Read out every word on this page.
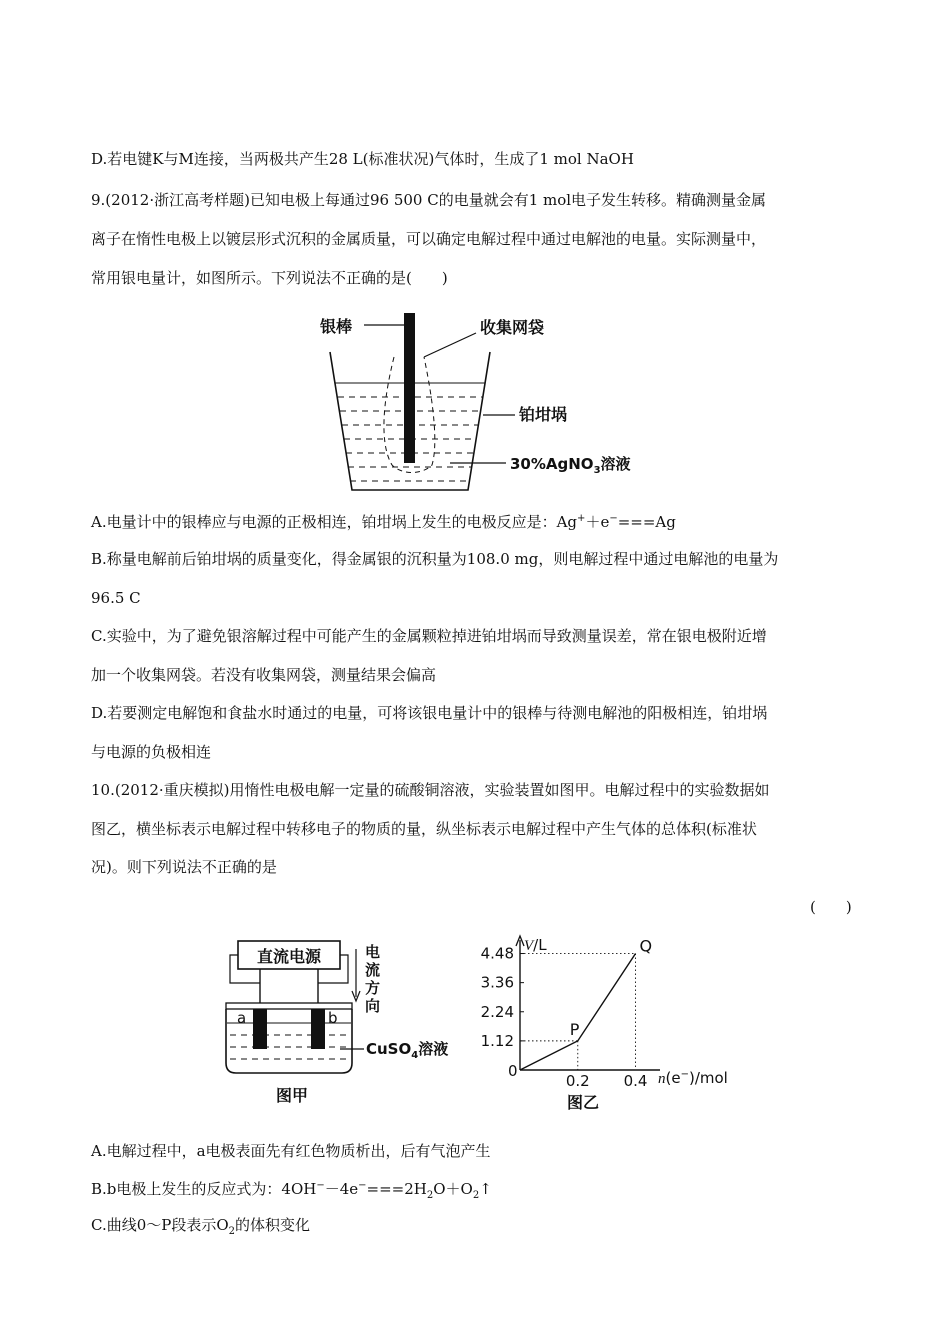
D.若电键K与M连接，当两极共产生28 L(标准状况)气体时，生成了1 mol NaOH
9.(2012·浙江高考样题)已知电极上每通过96 500 C的电量就会有1 mol电子发生转移。精确测量金属
离子在惰性电极上以镀层形式沉积的金属质量，可以确定电解过程中通过电解池的电量。实际测量中，
常用银电量计，如图所示。下列说法不正确的是(　　)
银棒	收集网袋
铂坩埚
30%AgNO$_3$溶液
A.电量计中的银棒应与电源的正极相连，铂坩埚上发生的电极反应是：Ag+＋e−===Ag
B.称量电解前后铂坩埚的质量变化，得金属银的沉积量为108.0 mg，则电解过程中通过电解池的电量为
96.5 C
C.实验中，为了避免银溶解过程中可能产生的金属颗粒掉进铂坩埚而导致测量误差，常在银电极附近增
加一个收集网袋。若没有收集网袋，测量结果会偏高
D.若要测定电解饱和食盐水时通过的电量，可将该银电量计中的银棒与待测电解池的阳极相连，铂坩埚
与电源的负极相连
10.(2012·重庆模拟)用惰性电极电解一定量的硫酸铜溶液，实验装置如图甲。电解过程中的实验数据如
图乙，横坐标表示电解过程中转移电子的物质的量，纵坐标表示电解过程中产生气体的总体积(标准状
况)。则下列说法不正确的是
(　　)
直流电源	电
流
方
向
a	b
CuSO$_4$溶液
图甲
V/L
n(e−)/mol
0
1.12
2.24
3.36
4.48
0.2 0.4
P
Q
图乙
A.电解过程中，a电极表面先有红色物质析出，后有气泡产生
B.b电极上发生的反应式为：$4OH^--4e^-===2H_2O+O_2↑$
C.曲线0～P段表示$O_2$的体积变化
